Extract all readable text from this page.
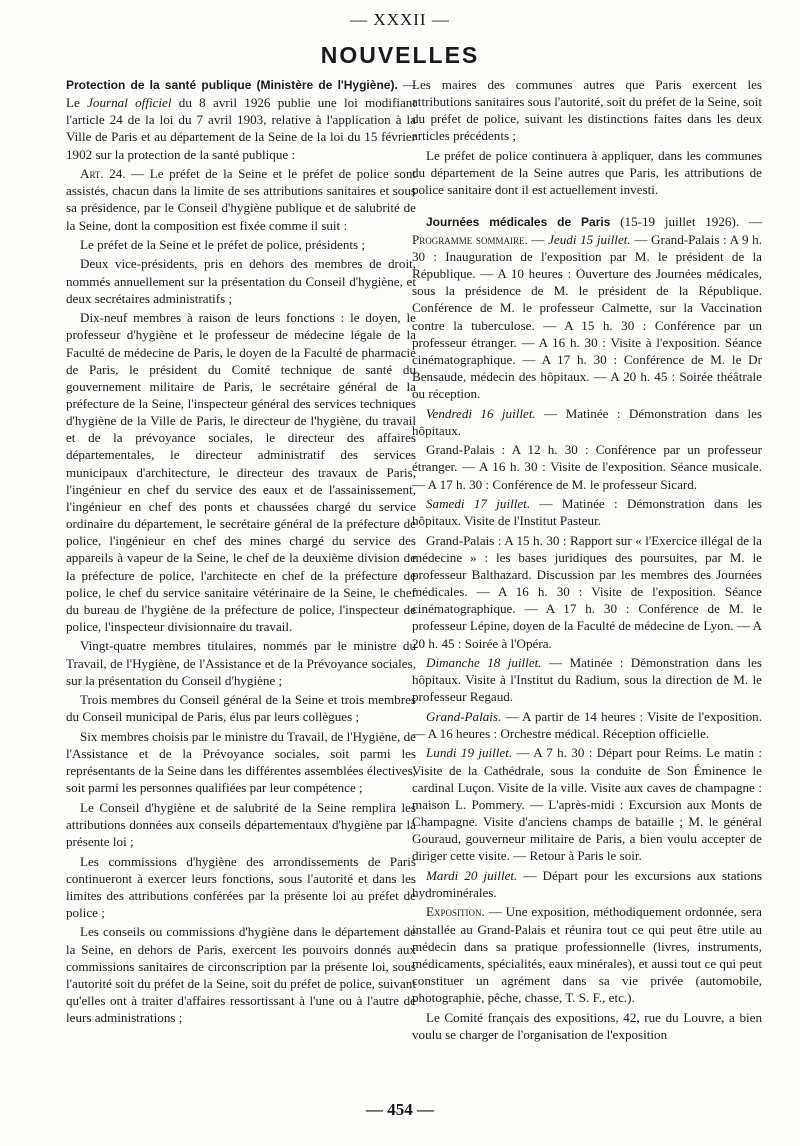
— XXXII —
NOUVELLES

Protection de la santé publique (Ministère de l'Hygiène). — Le Journal officiel du 8 avril 1926 publie une loi modifiant l'article 24 de la loi du 7 avril 1903, relative à l'application à la Ville de Paris et au département de la Seine de la loi du 15 février 1902 sur la protection de la santé publique :

Art. 24. — Le préfet de la Seine et le préfet de police sont assistés, chacun dans la limite de ses attributions sanitaires et sous sa présidence, par le Conseil d'hygiène publique et de salubrité de la Seine, dont la composition est fixée comme il suit :

Le préfet de la Seine et le préfet de police, présidents ;

Deux vice-présidents, pris en dehors des membres de droit, nommés annuellement sur la présentation du Conseil d'hygiène, et deux secrétaires administratifs ;

Dix-neuf membres à raison de leurs fonctions : le doyen, le professeur d'hygiène et le professeur de médecine légale de la Faculté de médecine de Paris, le doyen de la Faculté de pharmacie de Paris, le président du Comité technique de santé du gouvernement militaire de Paris, le secrétaire général de la préfecture de la Seine, l'inspecteur général des services techniques d'hygiène de la Ville de Paris, le directeur de l'hygiène, du travail et de la prévoyance sociales, le directeur des affaires départementales, le directeur administratif des services municipaux d'architecture, le directeur des travaux de Paris, l'ingénieur en chef du service des eaux et de l'assainissement, l'ingénieur en chef des ponts et chaussées chargé du service ordinaire du département, le secrétaire général de la préfecture de police, l'ingénieur en chef des mines chargé du service des appareils à vapeur de la Seine, le chef de la deuxième division de la préfecture de police, l'architecte en chef de la préfecture de police, le chef du service sanitaire vétérinaire de la Seine, le chef du bureau de l'hygiène de la préfecture de police, l'inspecteur de police, l'inspecteur divisionnaire du travail.

Vingt-quatre membres titulaires, nommés par le ministre du Travail, de l'Hygiène, de l'Assistance et de la Prévoyance sociales, sur la présentation du Conseil d'hygiène ;

Trois membres du Conseil général de la Seine et trois membres du Conseil municipal de Paris, élus par leurs collègues ;

Six membres choisis par le ministre du Travail, de l'Hygiène, de l'Assistance et de la Prévoyance sociales, soit parmi les représentants de la Seine dans les différentes assemblées électives, soit parmi les personnes qualifiées par leur compétence ;

Le Conseil d'hygiène et de salubrité de la Seine remplira les attributions données aux conseils départementaux d'hygiène par la présente loi ;

Les commissions d'hygiène des arrondissements de Paris continueront à exercer leurs fonctions, sous l'autorité et dans les limites des attributions conférées par la présente loi au préfet de police ;

Les conseils ou commissions d'hygiène dans le département de la Seine, en dehors de Paris, exercent les pouvoirs donnés aux commissions sanitaires de circonscription par la présente loi, sous l'autorité soit du préfet de la Seine, soit du préfet de police, suivant qu'elles ont à traiter d'affaires ressortissant à l'une ou à l'autre de leurs administrations ;

Les maires des communes autres que Paris exercent les attributions sanitaires sous l'autorité, soit du préfet de la Seine, soit du préfet de police, suivant les distinctions faites dans les deux articles précédents ;

Le préfet de police continuera à appliquer, dans les communes du département de la Seine autres que Paris, les attributions de police sanitaire dont il est actuellement investi.

Journées médicales de Paris (15-19 juillet 1926). — Programme sommaire. — Jeudi 15 juillet. — Grand-Palais : A 9 h. 30 : Inauguration de l'exposition par M. le président de la République. — A 10 heures : Ouverture des Journées médicales, sous la présidence de M. le président de la République. Conférence de M. le professeur Calmette, sur la Vaccination contre la tuberculose. — A 15 h. 30 : Conférence par un professeur étranger. — A 16 h. 30 : Visite à l'exposition. Séance cinématographique. — A 17 h. 30 : Conférence de M. le Dr Bensaude, médecin des hôpitaux. — A 20 h. 45 : Soirée théâtrale ou réception.

Vendredi 16 juillet. — Matinée : Démonstration dans les hôpitaux.

Grand-Palais : A 12 h. 30 : Conférence par un professeur étranger. — A 16 h. 30 : Visite de l'exposition. Séance musicale. — A 17 h. 30 : Conférence de M. le professeur Sicard.

Samedi 17 juillet. — Matinée : Démonstration dans les hôpitaux. Visite de l'Institut Pasteur.

Grand-Palais : A 15 h. 30 : Rapport sur « l'Exercice illégal de la médecine » : les bases juridiques des poursuites, par M. le professeur Balthazard. Discussion par les membres des Journées médicales. — A 16 h. 30 : Visite de l'exposition. Séance cinématographique. — A 17 h. 30 : Conférence de M. le professeur Lépine, doyen de la Faculté de médecine de Lyon. — A 20 h. 45 : Soirée à l'Opéra.

Dimanche 18 juillet. — Matinée : Démonstration dans les hôpitaux. Visite à l'Institut du Radium, sous la direction de M. le professeur Regaud.

Grand-Palais. — A partir de 14 heures : Visite de l'exposition. — A 16 heures : Orchestre médical. Réception officielle.

Lundi 19 juillet. — A 7 h. 30 : Départ pour Reims. Le matin : Visite de la Cathédrale, sous la conduite de Son Éminence le cardinal Luçon. Visite de la ville. Visite aux caves de champagne : maison L. Pommery. — L'après-midi : Excursion aux Monts de Champagne. Visite d'anciens champs de bataille ; M. le général Gouraud, gouverneur militaire de Paris, a bien voulu accepter de diriger cette visite. — Retour à Paris le soir.

Mardi 20 juillet. — Départ pour les excursions aux stations hydrominérales.

Exposition. — Une exposition, méthodiquement ordonnée, sera installée au Grand-Palais et réunira tout ce qui peut être utile au médecin dans sa pratique professionnelle (livres, instruments, médicaments, spécialités, eaux minérales), et aussi tout ce qui peut constituer un agrément dans sa vie privée (automobile, photographie, pêche, chasse, T. S. F., etc.).

Le Comité français des expositions, 42, rue du Louvre, a bien voulu se charger de l'organisation de l'exposition

— 454 —
